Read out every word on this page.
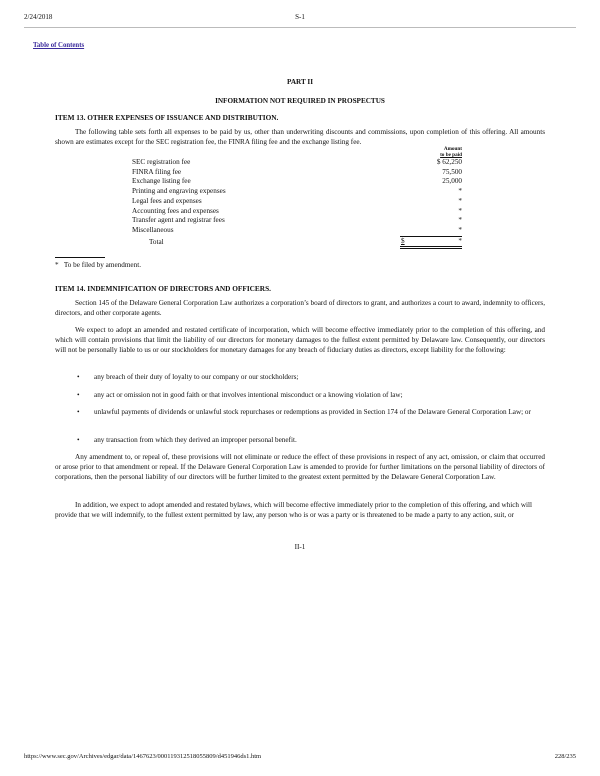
2/24/2018	S-1
Table of Contents
PART II
INFORMATION NOT REQUIRED IN PROSPECTUS
ITEM 13. OTHER EXPENSES OF ISSUANCE AND DISTRIBUTION.
The following table sets forth all expenses to be paid by us, other than underwriting discounts and commissions, upon completion of this offering. All amounts shown are estimates except for the SEC registration fee, the FINRA filing fee and the exchange listing fee.

	Amount
to be paid

SEC registration fee	$ 62,250
FINRA filing fee	75,500
Exchange listing fee	25,000
Printing and engraving expenses	*
Legal fees and expenses	*
Accounting fees and expenses	*
Transfer agent and registrar fees	*
Miscellaneous	*
Total	$ *
*   To be filed by amendment.
ITEM 14. INDEMNIFICATION OF DIRECTORS AND OFFICERS.
Section 145 of the Delaware General Corporation Law authorizes a corporation’s board of directors to grant, and authorizes a court to award, indemnity to officers, directors, and other corporate agents.
We expect to adopt an amended and restated certificate of incorporation, which will become effective immediately prior to the completion of this offering, and which will contain provisions that limit the liability of our directors for monetary damages to the fullest extent permitted by Delaware law. Consequently, our directors will not be personally liable to us or our stockholders for monetary damages for any breach of fiduciary duties as directors, except liability for the following:
• any breach of their duty of loyalty to our company or our stockholders;
• any act or omission not in good faith or that involves intentional misconduct or a knowing violation of law;
• unlawful payments of dividends or unlawful stock repurchases or redemptions as provided in Section 174 of the Delaware General Corporation Law; or
• any transaction from which they derived an improper personal benefit.
Any amendment to, or repeal of, these provisions will not eliminate or reduce the effect of these provisions in respect of any act, omission, or claim that occurred or arose prior to that amendment or repeal. If the Delaware General Corporation Law is amended to provide for further limitations on the personal liability of directors of corporations, then the personal liability of our directors will be further limited to the greatest extent permitted by the Delaware General Corporation Law.
In addition, we expect to adopt amended and restated bylaws, which will become effective immediately prior to the completion of this offering, and which will provide that we will indemnify, to the fullest extent permitted by law, any person who is or was a party or is threatened to be made a party to any action, suit, or
II-1
https://www.sec.gov/Archives/edgar/data/1467623/000119312518055809/d451946ds1.htm	228/235
